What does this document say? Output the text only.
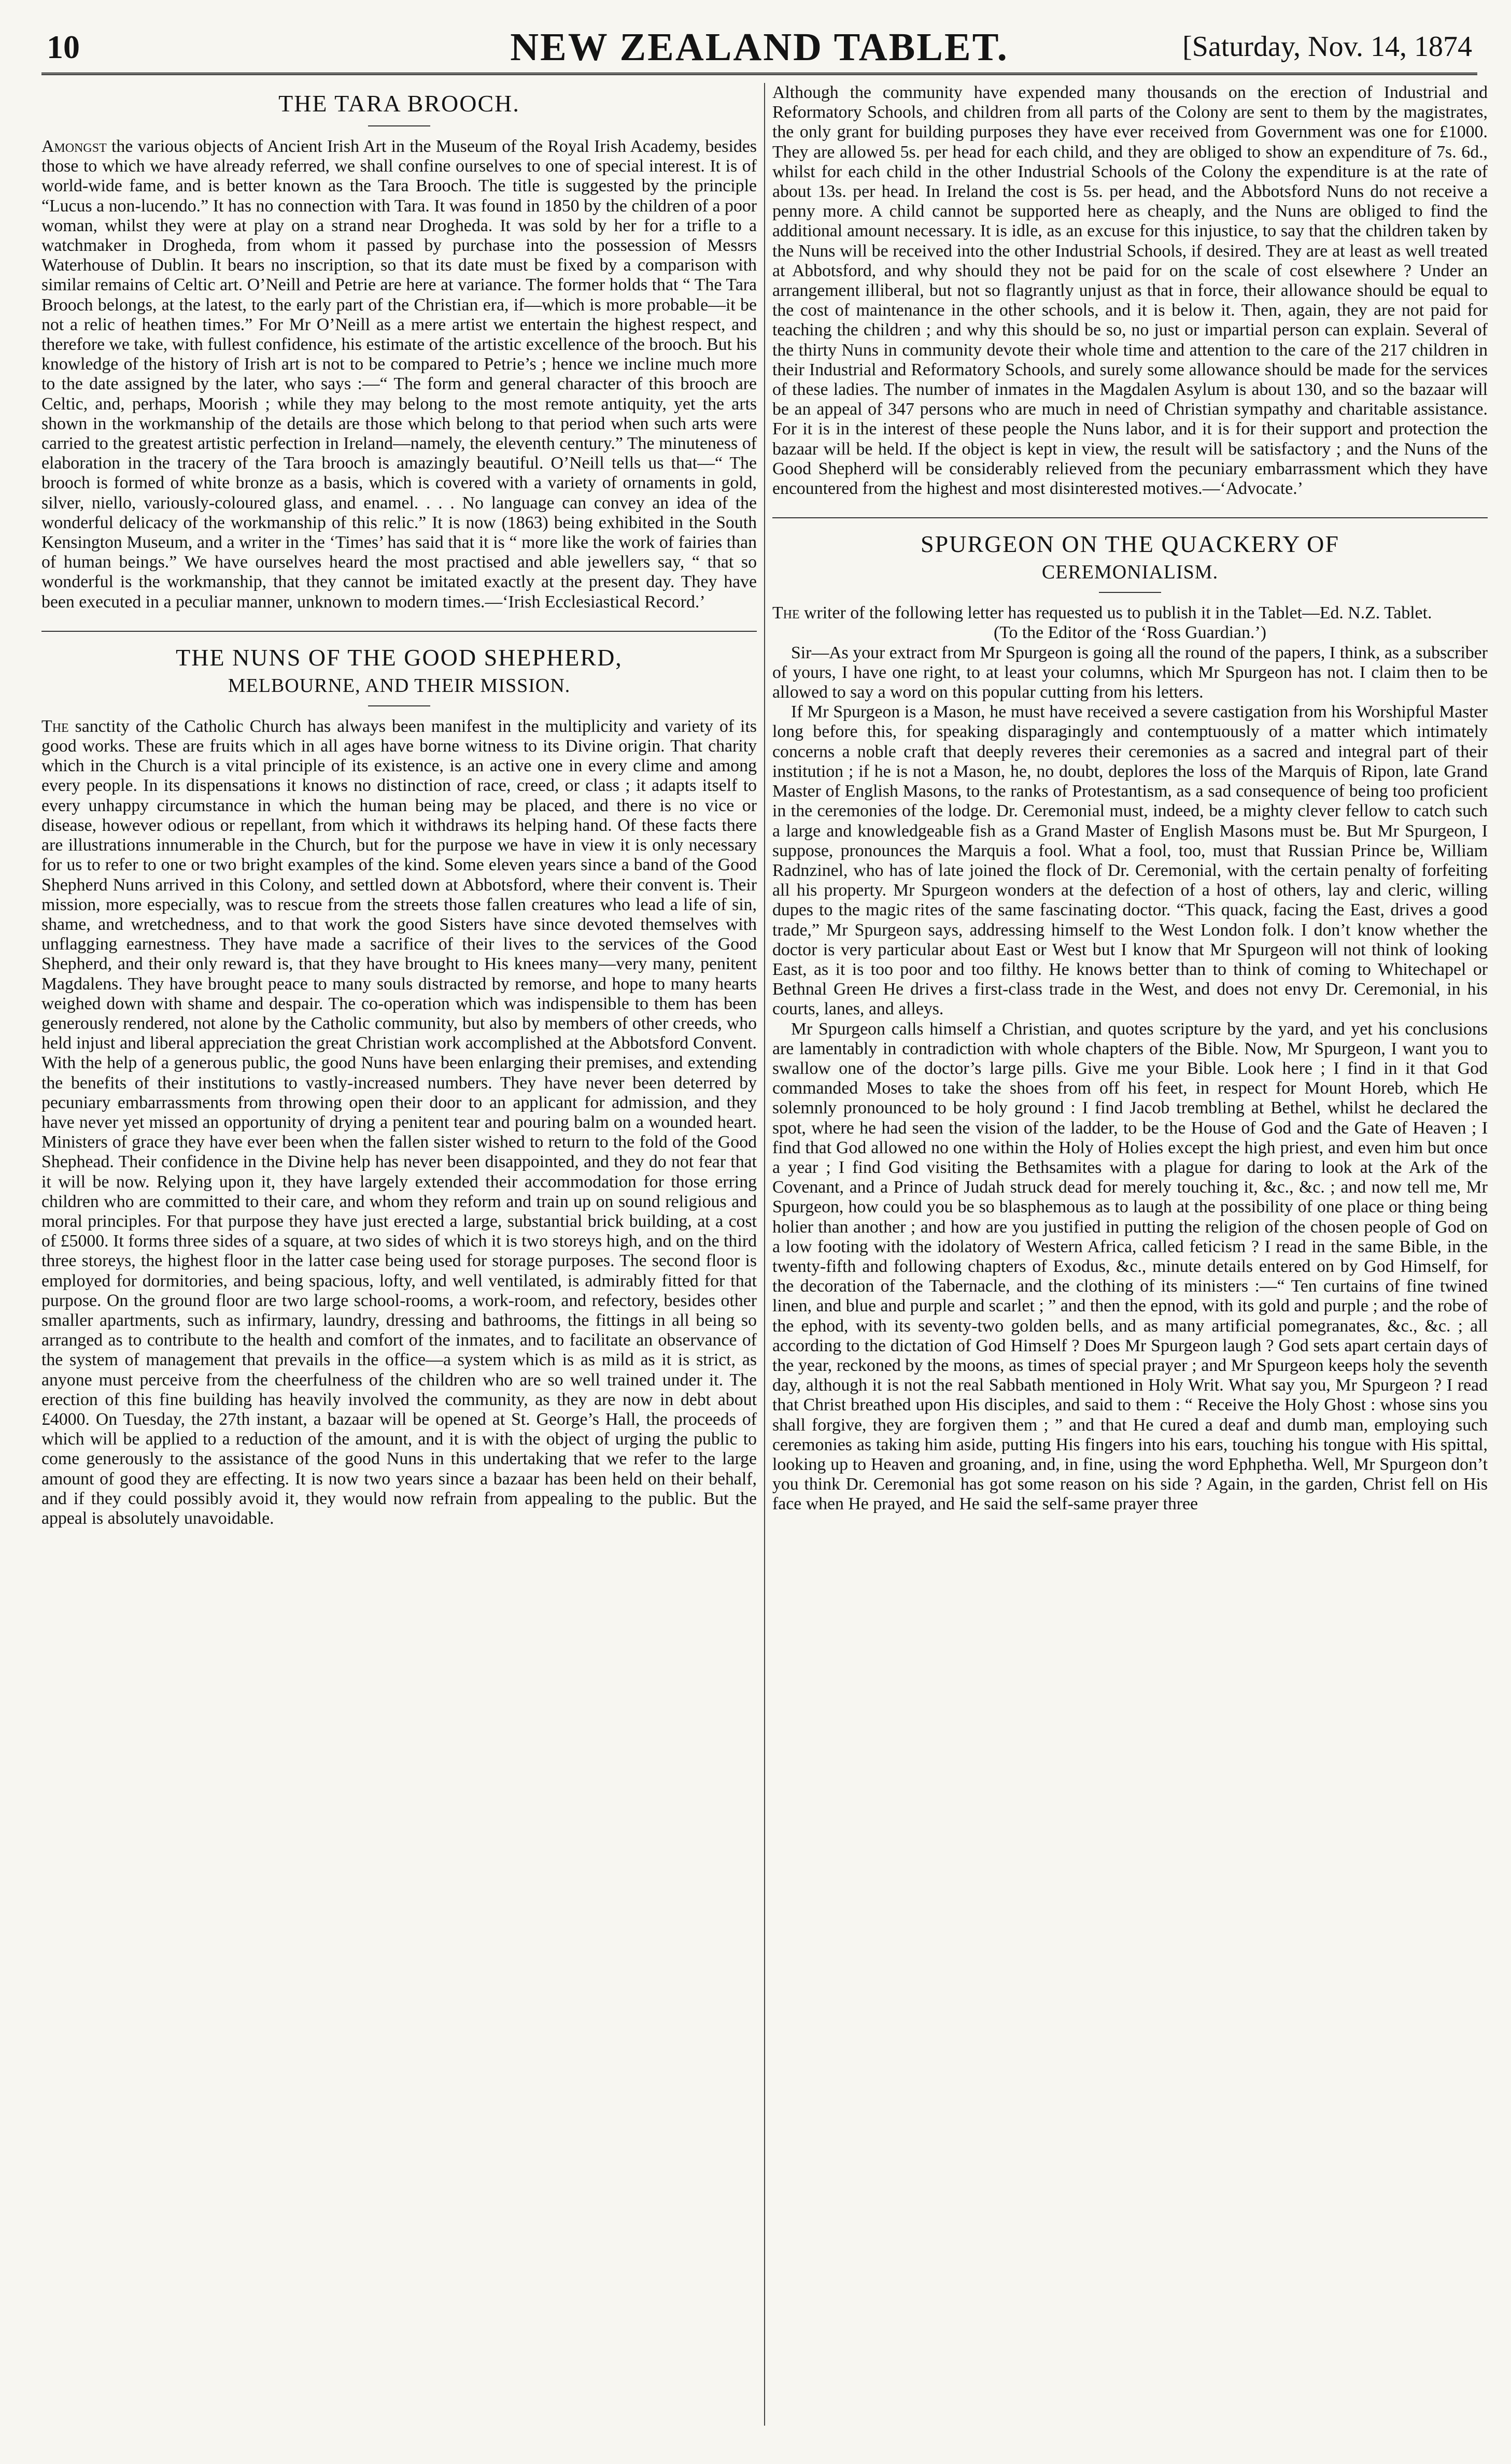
10	NEW ZEALAND TABLET.	[Saturday, Nov. 14, 1874
THE TARA BROOCH.

Amongst the various objects of Ancient Irish Art in the Museum of the Royal Irish Academy, besides those to which we have already referred, we shall confine ourselves to one of special interest. It is of world-wide fame, and is better known as the Tara Brooch. The title is suggested by the principle “Lucus a non-lucendo.” It has no connection with Tara. It was found in 1850 by the children of a poor woman, whilst they were at play on a strand near Drogheda. It was sold by her for a trifle to a watchmaker in Drogheda, from whom it passed by purchase into the possession of Messrs Waterhouse of Dublin. It bears no inscription, so that its date must be fixed by a comparison with similar remains of Celtic art. O’Neill and Petrie are here at variance. The former holds that “ The Tara Brooch belongs, at the latest, to the early part of the Christian era, if—which is more probable—it be not a relic of heathen times.” For Mr O’Neill as a mere artist we entertain the highest respect, and therefore we take, with fullest confidence, his estimate of the artistic excellence of the brooch. But his knowledge of the history of Irish art is not to be compared to Petrie’s ; hence we incline much more to the date assigned by the later, who says :—“ The form and general character of this brooch are Celtic, and, perhaps, Moorish ; while they may belong to the most remote antiquity, yet the arts shown in the workmanship of the details are those which belong to that period when such arts were carried to the greatest artistic perfection in Ireland—namely, the eleventh century.” The minuteness of elaboration in the tracery of the Tara brooch is amazingly beautiful. O’Neill tells us that—“ The brooch is formed of white bronze as a basis, which is covered with a variety of ornaments in gold, silver, niello, variously-coloured glass, and enamel. . . . No language can convey an idea of the wonderful delicacy of the workmanship of this relic.” It is now (1863) being exhibited in the South Kensington Museum, and a writer in the ‘Times’ has said that it is “ more like the work of fairies than of human beings.” We have ourselves heard the most practised and able jewellers say, “ that so wonderful is the workmanship, that they cannot be imitated exactly at the present day. They have been executed in a peculiar manner, unknown to modern times.—‘Irish Ecclesiastical Record.’

THE NUNS OF THE GOOD SHEPHERD,
MELBOURNE, AND THEIR MISSION.

The sanctity of the Catholic Church has always been manifest in the multiplicity and variety of its good works. These are fruits which in all ages have borne witness to its Divine origin. That charity which in the Church is a vital principle of its existence, is an active one in every clime and among every people. In its dispensations it knows no distinction of race, creed, or class ; it adapts itself to every unhappy circumstance in which the human being may be placed, and there is no vice or disease, however odious or repellant, from which it withdraws its helping hand. Of these facts there are illustrations innumerable in the Church, but for the purpose we have in view it is only necessary for us to refer to one or two bright examples of the kind. Some eleven years since a band of the Good Shepherd Nuns arrived in this Colony, and settled down at Abbotsford, where their convent is. Their mission, more especially, was to rescue from the streets those fallen creatures who lead a life of sin, shame, and wretchedness, and to that work the good Sisters have since devoted themselves with unflagging earnestness. They have made a sacrifice of their lives to the services of the Good Shepherd, and their only reward is, that they have brought to His knees many—very many, penitent Magdalens. They have brought peace to many souls distracted by remorse, and hope to many hearts weighed down with shame and despair. The co-operation which was indispensible to them has been generously rendered, not alone by the Catholic community, but also by members of other creeds, who held injust and liberal appreciation the great Christian work accomplished at the Abbotsford Convent. With the help of a generous public, the good Nuns have been enlarging their premises, and extending the benefits of their institutions to vastly-increased numbers. They have never been deterred by pecuniary embarrassments from throwing open their door to an applicant for admission, and they have never yet missed an opportunity of drying a penitent tear and pouring balm on a wounded heart. Ministers of grace they have ever been when the fallen sister wished to return to the fold of the Good Shephead. Their confidence in the Divine help has never been disappointed, and they do not fear that it will be now. Relying upon it, they have largely extended their accommodation for those erring children who are committed to their care, and whom they reform and train up on sound religious and moral principles. For that purpose they have just erected a large, substantial brick building, at a cost of £5000. It forms three sides of a square, at two sides of which it is two storeys high, and on the third three storeys, the highest floor in the latter case being used for storage purposes. The second floor is employed for dormitories, and being spacious, lofty, and well ventilated, is admirably fitted for that purpose. On the ground floor are two large school-rooms, a work-room, and refectory, besides other smaller apartments, such as infirmary, laundry, dressing and bathrooms, the fittings in all being so arranged as to contribute to the health and comfort of the inmates, and to facilitate an observance of the system of management that prevails in the office—a system which is as mild as it is strict, as anyone must perceive from the cheerfulness of the children who are so well trained under it. The erection of this fine building has heavily involved the community, as they are now in debt about £4000. On Tuesday, the 27th instant, a bazaar will be opened at St. George’s Hall, the proceeds of which will be applied to a reduction of the amount, and it is with the object of urging the public to come generously to the assistance of the good Nuns in this undertaking that we refer to the large amount of good they are effecting. It is now two years since a bazaar has been held on their behalf, and if they could possibly avoid it, they would now refrain from appealing to the public. But the appeal is absolutely unavoidable.

Although the community have expended many thousands on the erection of Industrial and Reformatory Schools, and children from all parts of the Colony are sent to them by the magistrates, the only grant for building purposes they have ever received from Government was one for £1000. They are allowed 5s. per head for each child, and they are obliged to show an expenditure of 7s. 6d., whilst for each child in the other Industrial Schools of the Colony the expenditure is at the rate of about 13s. per head. In Ireland the cost is 5s. per head, and the Abbotsford Nuns do not receive a penny more. A child cannot be supported here as cheaply, and the Nuns are obliged to find the additional amount necessary. It is idle, as an excuse for this injustice, to say that the children taken by the Nuns will be received into the other Industrial Schools, if desired. They are at least as well treated at Abbotsford, and why should they not be paid for on the scale of cost elsewhere ? Under an arrangement illiberal, but not so flagrantly unjust as that in force, their allowance should be equal to the cost of maintenance in the other schools, and it is below it. Then, again, they are not paid for teaching the children ; and why this should be so, no just or impartial person can explain. Several of the thirty Nuns in community devote their whole time and attention to the care of the 217 children in their Industrial and Reformatory Schools, and surely some allowance should be made for the services of these ladies. The number of inmates in the Magdalen Asylum is about 130, and so the bazaar will be an appeal of 347 persons who are much in need of Christian sympathy and charitable assistance. For it is in the interest of these people the Nuns labor, and it is for their support and protection the bazaar will be held. If the object is kept in view, the result will be satisfactory ; and the Nuns of the Good Shepherd will be considerably relieved from the pecuniary embarrassment which they have encountered from the highest and most disinterested motives.—‘Advocate.’

SPURGEON ON THE QUACKERY OF
CEREMONIALISM.

The writer of the following letter has requested us to publish it in the Tablet—Ed. N.Z. Tablet.

(To the Editor of the ‘Ross Guardian.’)

Sir—As your extract from Mr Spurgeon is going all the round of the papers, I think, as a subscriber of yours, I have one right, to at least your columns, which Mr Spurgeon has not. I claim then to be allowed to say a word on this popular cutting from his letters.

If Mr Spurgeon is a Mason, he must have received a severe castigation from his Worshipful Master long before this, for speaking disparagingly and contemptuously of a matter which intimately concerns a noble craft that deeply reveres their ceremonies as a sacred and integral part of their institution ; if he is not a Mason, he, no doubt, deplores the loss of the Marquis of Ripon, late Grand Master of English Masons, to the ranks of Protestantism, as a sad consequence of being too proficient in the ceremonies of the lodge. Dr. Ceremonial must, indeed, be a mighty clever fellow to catch such a large and knowledgeable fish as a Grand Master of English Masons must be. But Mr Spurgeon, I suppose, pronounces the Marquis a fool. What a fool, too, must that Russian Prince be, William Radnzinel, who has of late joined the flock of Dr. Ceremonial, with the certain penalty of forfeiting all his property. Mr Spurgeon wonders at the defection of a host of others, lay and cleric, willing dupes to the magic rites of the same fascinating doctor. “This quack, facing the East, drives a good trade,” Mr Spurgeon says, addressing himself to the West London folk. I don’t know whether the doctor is very particular about East or West but I know that Mr Spurgeon will not think of looking East, as it is too poor and too filthy. He knows better than to think of coming to Whitechapel or Bethnal Green He drives a first-class trade in the West, and does not envy Dr. Ceremonial, in his courts, lanes, and alleys.

Mr Spurgeon calls himself a Christian, and quotes scripture by the yard, and yet his conclusions are lamentably in contradiction with whole chapters of the Bible. Now, Mr Spurgeon, I want you to swallow one of the doctor’s large pills. Give me your Bible. Look here ; I find in it that God commanded Moses to take the shoes from off his feet, in respect for Mount Horeb, which He solemnly pronounced to be holy ground : I find Jacob trembling at Bethel, whilst he declared the spot, where he had seen the vision of the ladder, to be the House of God and the Gate of Heaven ; I find that God allowed no one within the Holy of Holies except the high priest, and even him but once a year ; I find God visiting the Bethsamites with a plague for daring to look at the Ark of the Covenant, and a Prince of Judah struck dead for merely touching it, &c., &c. ; and now tell me, Mr Spurgeon, how could you be so blasphemous as to laugh at the possibility of one place or thing being holier than another ; and how are you justified in putting the religion of the chosen people of God on a low footing with the idolatory of Western Africa, called feticism ? I read in the same Bible, in the twenty-fifth and following chapters of Exodus, &c., minute details entered on by God Himself, for the decoration of the Tabernacle, and the clothing of its ministers :—“ Ten curtains of fine twined linen, and blue and purple and scarlet ; ” and then the epnod, with its gold and purple ; and the robe of the ephod, with its seventy-two golden bells, and as many artificial pomegranates, &c., &c. ; all according to the dictation of God Himself ? Does Mr Spurgeon laugh ? God sets apart certain days of the year, reckoned by the moons, as times of special prayer ; and Mr Spurgeon keeps holy the seventh day, although it is not the real Sabbath mentioned in Holy Writ. What say you, Mr Spurgeon ? I read that Christ breathed upon His disciples, and said to them : “ Receive the Holy Ghost : whose sins you shall forgive, they are forgiven them ; ” and that He cured a deaf and dumb man, employing such ceremonies as taking him aside, putting His fingers into his ears, touching his tongue with His spittal, looking up to Heaven and groaning, and, in fine, using the word Ephphetha. Well, Mr Spurgeon don’t you think Dr. Ceremonial has got some reason on his side ? Again, in the garden, Christ fell on His face when He prayed, and He said the self-same prayer three
